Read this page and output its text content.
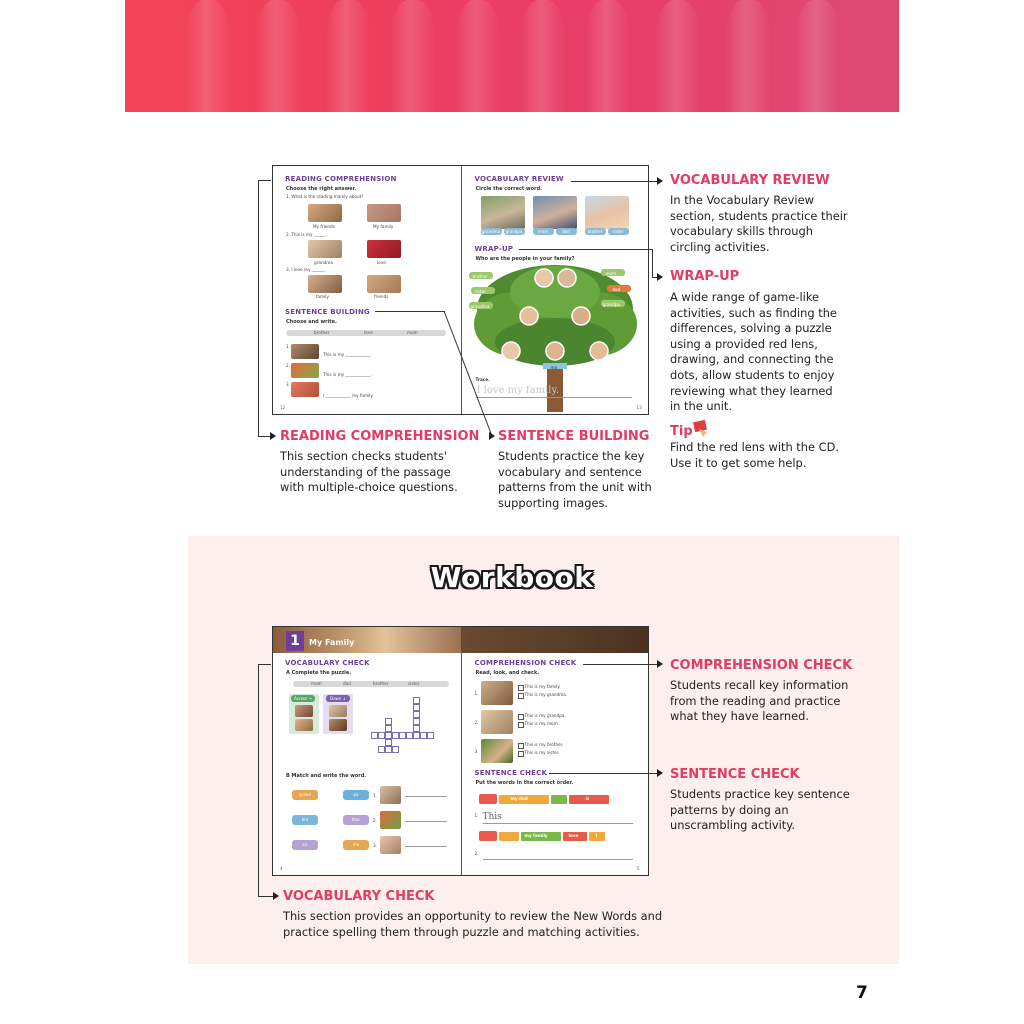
READING COMPREHENSION
Choose the right answer.
1. What is the reading mainly about?
My friends	My family
2. This is my ______.
grandma	love
3. I love my ______.
family	friends
SENTENCE BUILDING
Choose and write.
brother	love	mom
1.
This is my ____________.
2.
This is my ____________.
3.
I ____________ my family.
12
VOCABULARY REVIEW
Circle the correct word.
grandma	grandpa	mom	dad	brother	sister
WRAP-UP
Who are the people in your family?
brother
sister
grandma
mom
dad
grandpa
me
Trace.
I love my family.
13
VOCABULARY REVIEW
In the Vocabulary Review section, students practice their vocabulary skills through circling activities.
WRAP-UP
A wide range of game-like activities, such as finding the differences, solving a puzzle using a provided red lens, drawing, and connecting the dots, allow students to enjoy reviewing what they learned in the unit.
Tip
Find the red lens with the CD. Use it to get some help.
READING COMPREHENSION
This section checks students' understanding of the passage with multiple-choice questions.
SENTENCE BUILDING
Students practice the key vocabulary and sentence patterns from the unit with supporting images.
Workbook
1	My Family
VOCABULARY CHECK
A Complete the puzzle.
mom	dad	brother	sister
Across →	Down ↓
B Match and write the word.
grand	pa
bro	ther
sis	ma
1.
2.
3.
4
COMPREHENSION CHECK
Read, look, and check.
1.
This is my family.
This is my grandma.
2.
This is my grandpa.
This is my mom.
3.
This is my brother.
This is my sister.
SENTENCE CHECK
Put the words in the correct order.
my dad	is
1. This
my family	love	I
2.
5
COMPREHENSION CHECK
Students recall key information from the reading and practice what they have learned.
SENTENCE CHECK
Students practice key sentence patterns by doing an unscrambling activity.
VOCABULARY CHECK
This section provides an opportunity to review the New Words and practice spelling them through puzzle and matching activities.
7
